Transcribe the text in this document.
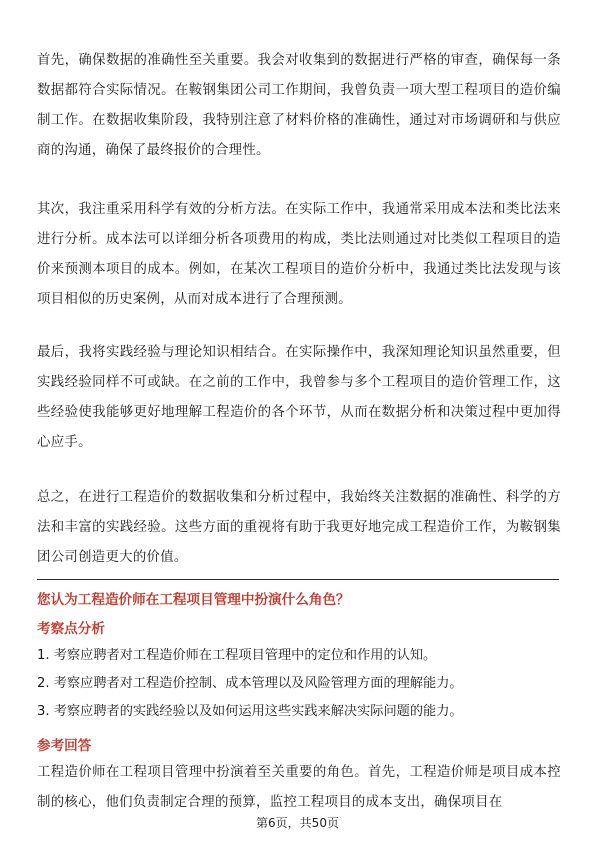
首先，确保数据的准确性至关重要。我会对收集到的数据进行严格的审查，确保每一条数据都符合实际情况。在鞍钢集团公司工作期间，我曾负责一项大型工程项目的造价编制工作。在数据收集阶段，我特别注意了材料价格的准确性，通过对市场调研和与供应商的沟通，确保了最终报价的合理性。

其次，我注重采用科学有效的分析方法。在实际工作中，我通常采用成本法和类比法来进行分析。成本法可以详细分析各项费用的构成，类比法则通过对比类似工程项目的造价来预测本项目的成本。例如，在某次工程项目的造价分析中，我通过类比法发现与该项目相似的历史案例，从而对成本进行了合理预测。

最后，我将实践经验与理论知识相结合。在实际操作中，我深知理论知识虽然重要，但实践经验同样不可或缺。在之前的工作中，我曾参与多个工程项目的造价管理工作，这些经验使我能够更好地理解工程造价的各个环节，从而在数据分析和决策过程中更加得心应手。

总之，在进行工程造价的数据收集和分析过程中，我始终关注数据的准确性、科学的方法和丰富的实践经验。这些方面的重视将有助于我更好地完成工程造价工作，为鞍钢集团公司创造更大的价值。

您认为工程造价师在工程项目管理中扮演什么角色？

考察点分析

1. 考察应聘者对工程造价师在工程项目管理中的定位和作用的认知。

2. 考察应聘者对工程造价控制、成本管理以及风险管理方面的理解能力。

3. 考察应聘者的实践经验以及如何运用这些实践来解决实际问题的能力。

参考回答

工程造价师在工程项目管理中扮演着至关重要的角色。首先，工程造价师是项目成本控制的核心，他们负责制定合理的预算，监控工程项目的成本支出，确保项目在

第6页，共50页
